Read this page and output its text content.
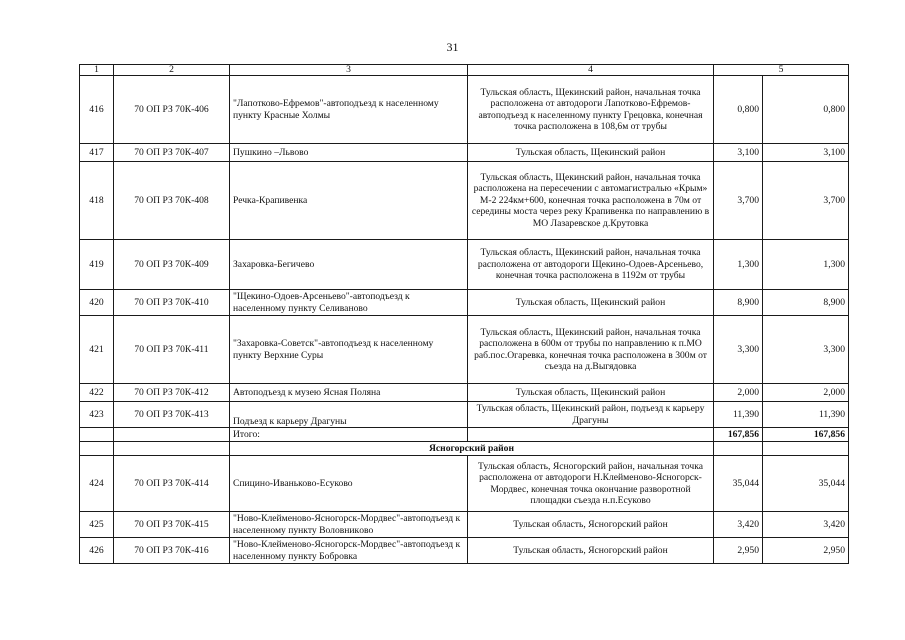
31
1	2	3	4	5	
416	70 ОП РЗ 70К-406	"Лапотково-Ефремов"-автоподъезд к населенному пункту Красные Холмы	Тульская область, Щекинский район, начальная точка расположена от автодороги Лапотково-Ефремов-автоподъезд к населенному пункту Грецовка, конечная точка расположена в 108,6м от трубы	0,800	0,800
417	70 ОП РЗ 70К-407	Пушкино –Львово	Тульская область, Щекинский район	3,100	3,100
418	70 ОП РЗ 70К-408	Речка-Крапивенка	Тульская область, Щекинский район, начальная точка расположена на пересечении с автомагистралью «Крым» М-2 224км+600, конечная точка расположена в 70м от середины моста через реку Крапивенка по направлению в МО Лазаревское д.Крутовка	3,700	3,700
419	70 ОП РЗ 70К-409	Захаровка-Бегичево	Тульская область, Щекинский район, начальная точка расположена от автодороги Щекино-Одоев-Арсеньево, конечная точка расположена в 1192м от трубы	1,300	1,300
420	70 ОП РЗ 70К-410	"Щекино-Одоев-Арсеньево"-автоподъезд к населенному пункту Селиваново	Тульская область, Щекинский район	8,900	8,900
421	70 ОП РЗ 70К-411	"Захаровка-Советск"-автоподъезд к населенному пункту Верхние Суры	Тульская область, Щекинский район, начальная точка расположена в 600м от трубы по направлению к п.МО раб.пос.Огаревка, конечная точка расположена в 300м от съезда на д.Выгядовка	3,300	3,300
422	70 ОП РЗ 70К-412	Автоподъезд к музею Ясная Поляна	Тульская область, Щекинский район	2,000	2,000
423	70 ОП РЗ 70К-413	Подъезд к карьеру Драгуны	Тульская область, Щекинский район, подъезд к карьеру Драгуны	11,390	11,390
		Итого:		167,856	167,856
		Ясногорский район			
424	70 ОП РЗ 70К-414	Спицино-Иваньково-Есуково	Тульская область, Ясногорский район, начальная точка расположена от автодороги Н.Клейменово-Ясногорск-Мордвес, конечная точка окончание разворотной площадки съезда н.п.Есуково	35,044	35,044
425	70 ОП РЗ 70К-415	"Ново-Клейменово-Ясногорск-Мордвес"-автоподъезд к населенному пункту Воловникoво	Тульская область, Ясногорский район	3,420	3,420
426	70 ОП РЗ 70К-416	"Ново-Клейменово-Ясногорск-Мордвес"-автоподъезд к населенному пункту Бобровка	Тульская область, Ясногорский район	2,950	2,950
